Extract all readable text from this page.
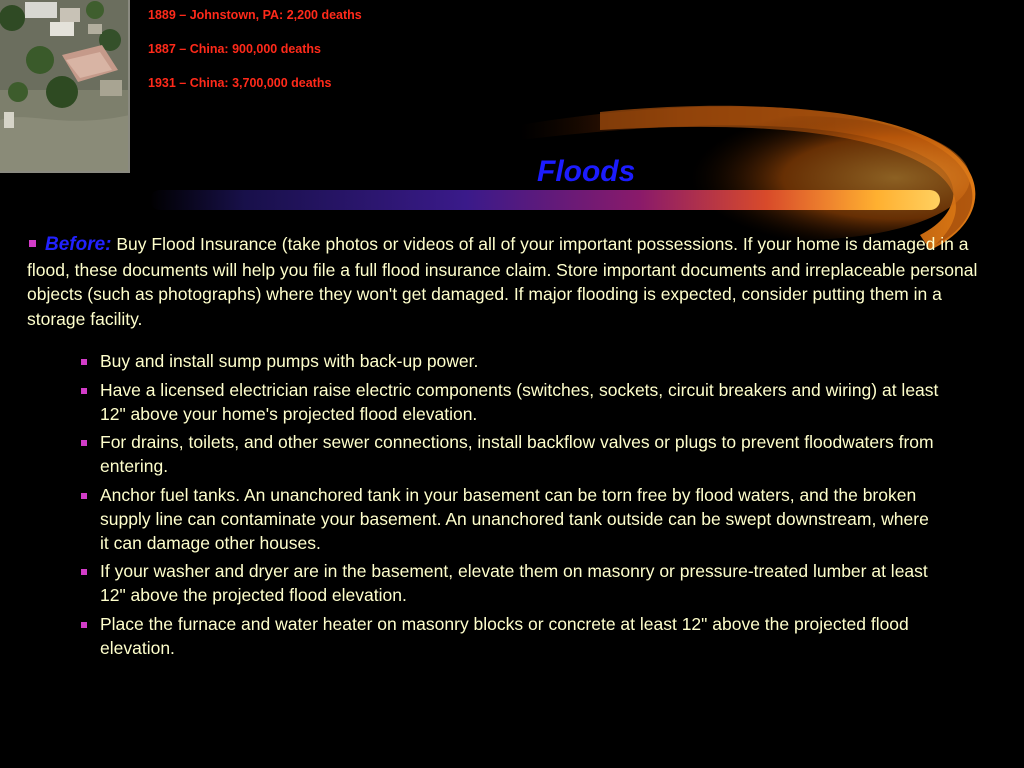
1889 – Johnstown, PA: 2,200 deaths
1887 – China: 900,000 deaths
1931 – China: 3,700,000 deaths
Floods
Before: Buy Flood Insurance (take photos or videos of all of your important possessions. If your home is damaged in a flood, these documents will help you file a full flood insurance claim. Store important documents and irreplaceable personal objects (such as photographs) where they won't get damaged. If major flooding is expected, consider putting them in a storage facility.
Buy and install sump pumps with back-up power.
Have a licensed electrician raise electric components (switches, sockets, circuit breakers and wiring) at least 12" above your home's projected flood elevation.
For drains, toilets, and other sewer connections, install backflow valves or plugs to prevent floodwaters from entering.
Anchor fuel tanks. An unanchored tank in your basement can be torn free by flood waters, and the broken supply line can contaminate your basement. An unanchored tank outside can be swept downstream, where it can damage other houses.
If your washer and dryer are in the basement, elevate them on masonry or pressure-treated lumber at least 12" above the projected flood elevation.
Place the furnace and water heater on masonry blocks or concrete at least 12" above the projected flood elevation.
